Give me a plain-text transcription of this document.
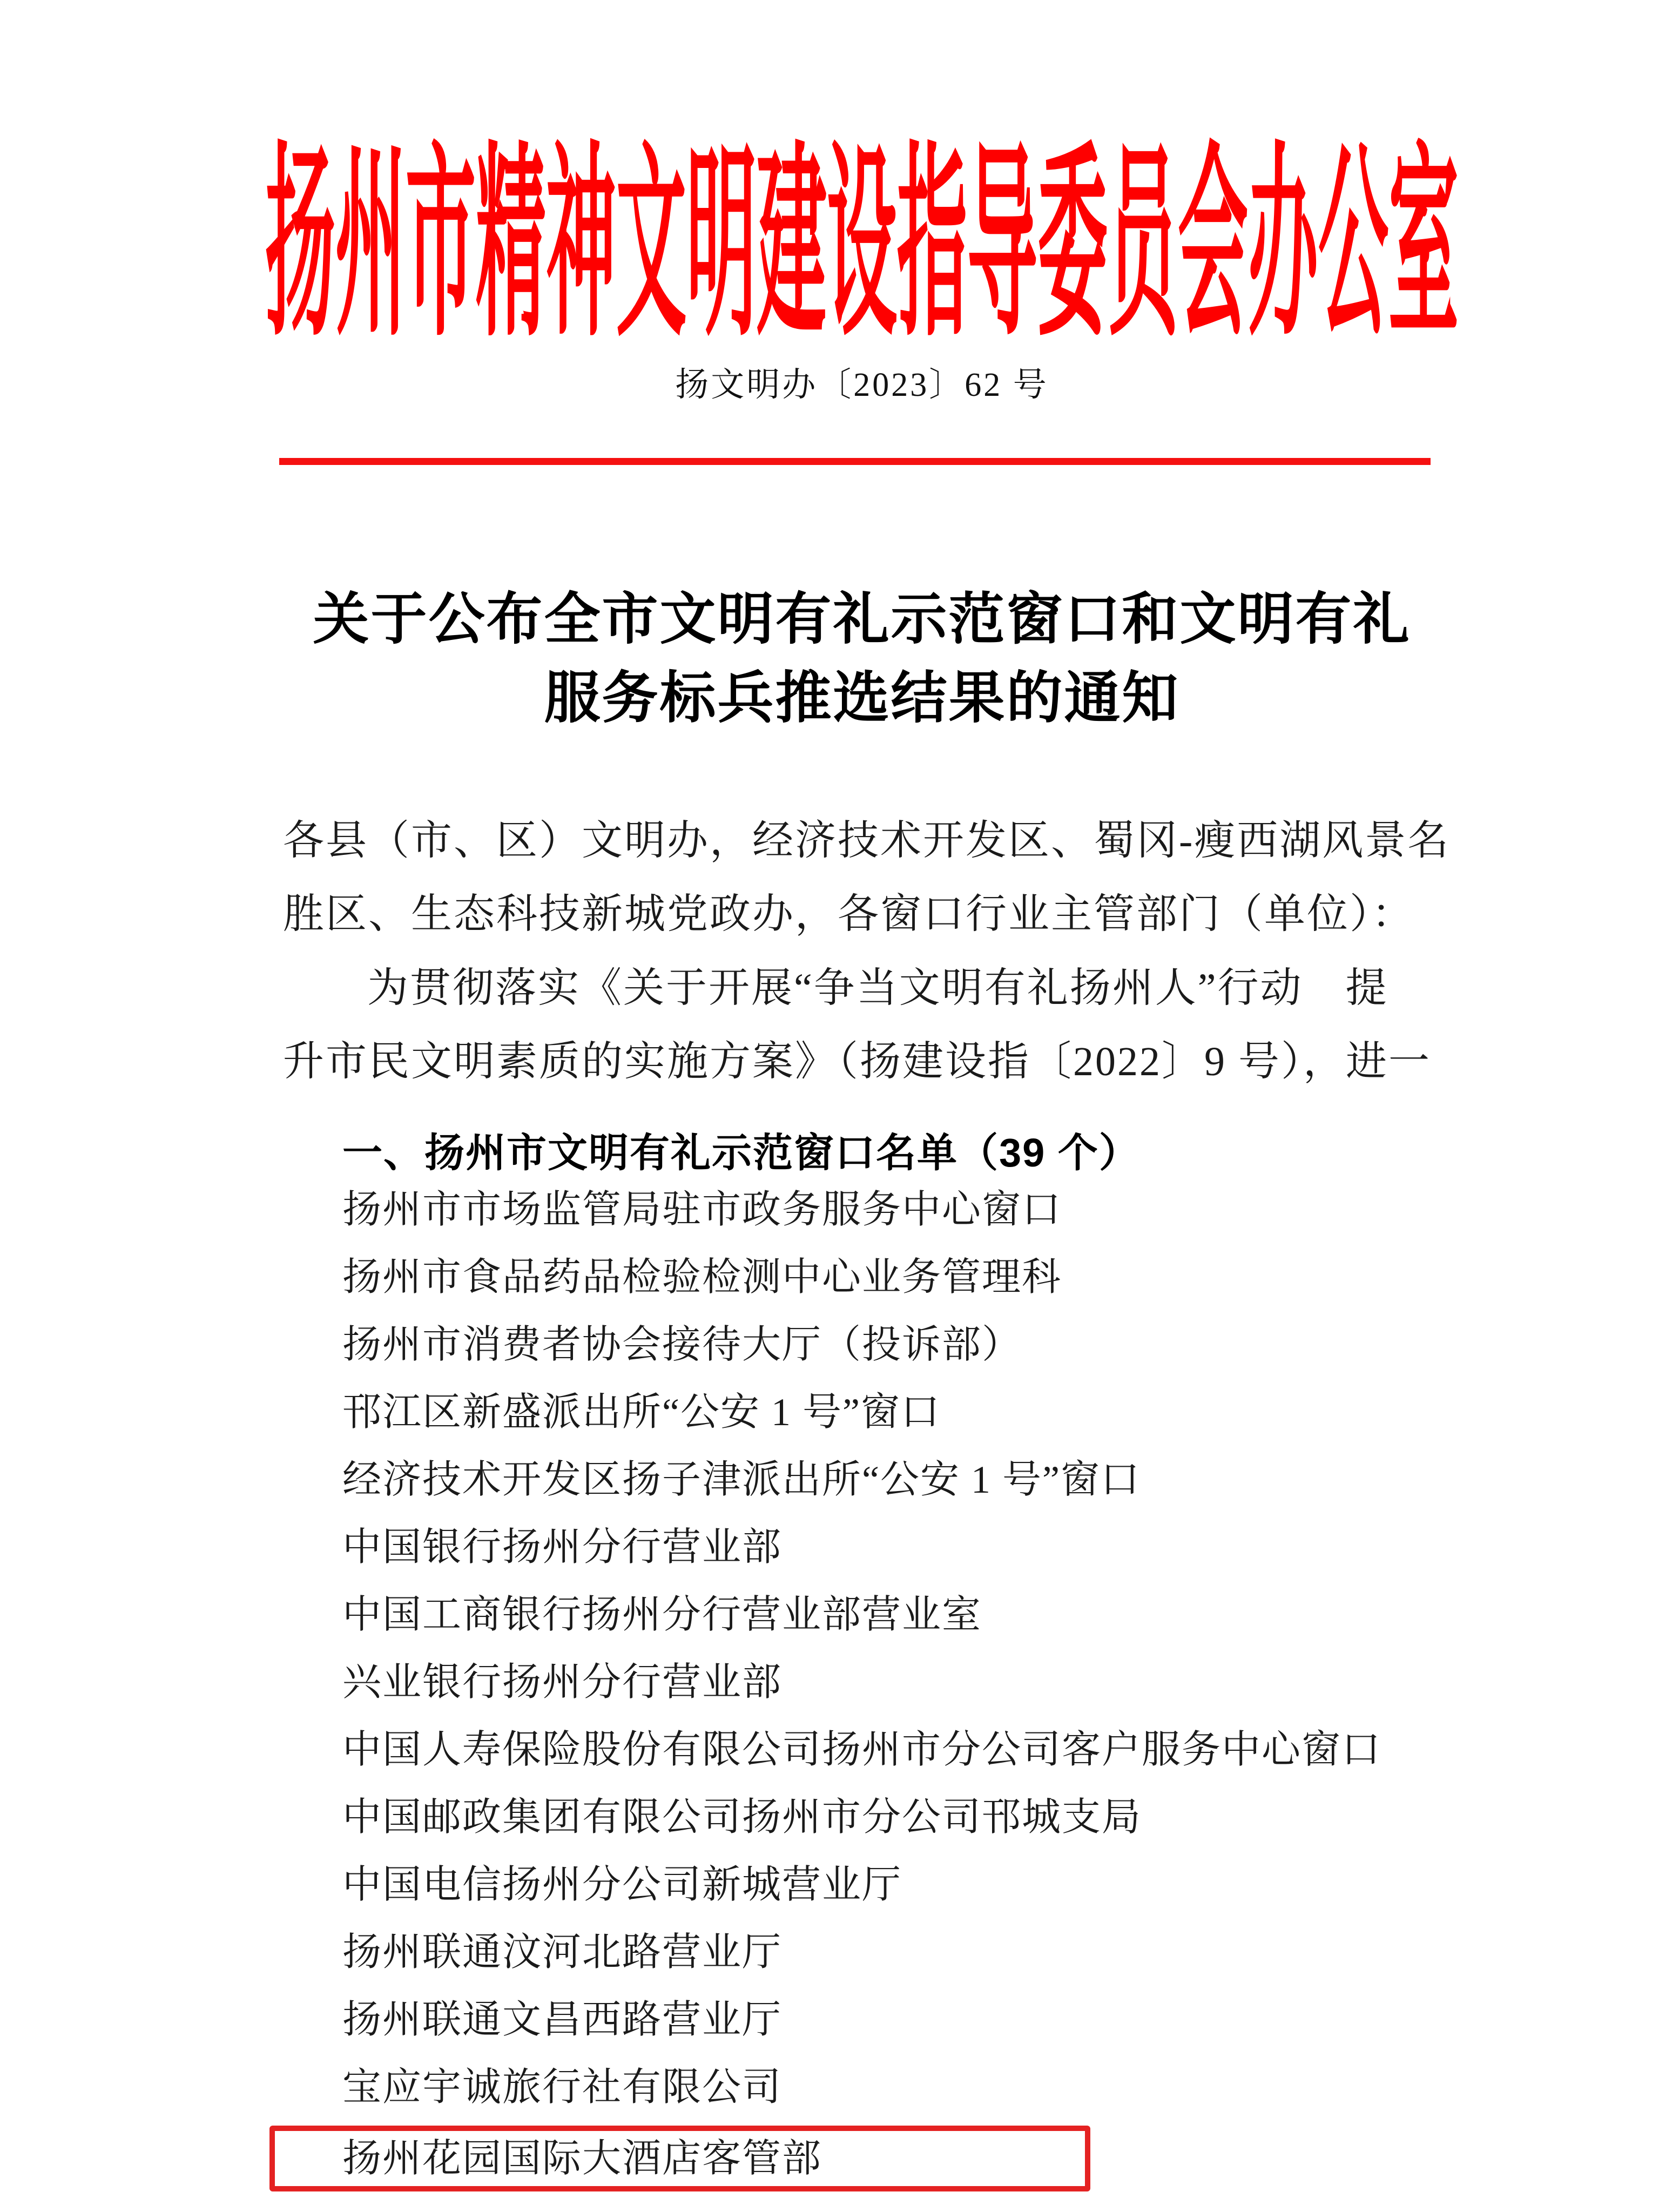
扬州市精神文明建设指导委员会办公室
扬文明办〔2023〕62 号
关于公布全市文明有礼示范窗口和文明有礼
服务标兵推选结果的通知
各县（市、区）文明办，经济技术开发区、蜀冈-瘦西湖风景名
胜区、生态科技新城党政办，各窗口行业主管部门（单位）：
为贯彻落实《关于开展“争当文明有礼扬州人”行动　提
升市民文明素质的实施方案》（扬建设指〔2022〕9 号），进一
一、扬州市文明有礼示范窗口名单（39 个）
扬州市市场监管局驻市政务服务中心窗口
扬州市食品药品检验检测中心业务管理科
扬州市消费者协会接待大厅（投诉部）
邗江区新盛派出所“公安 1 号”窗口
经济技术开发区扬子津派出所“公安 1 号”窗口
中国银行扬州分行营业部
中国工商银行扬州分行营业部营业室
兴业银行扬州分行营业部
中国人寿保险股份有限公司扬州市分公司客户服务中心窗口
中国邮政集团有限公司扬州市分公司邗城支局
中国电信扬州分公司新城营业厅
扬州联通汶河北路营业厅
扬州联通文昌西路营业厅
宝应宇诚旅行社有限公司
扬州花园国际大酒店客管部
